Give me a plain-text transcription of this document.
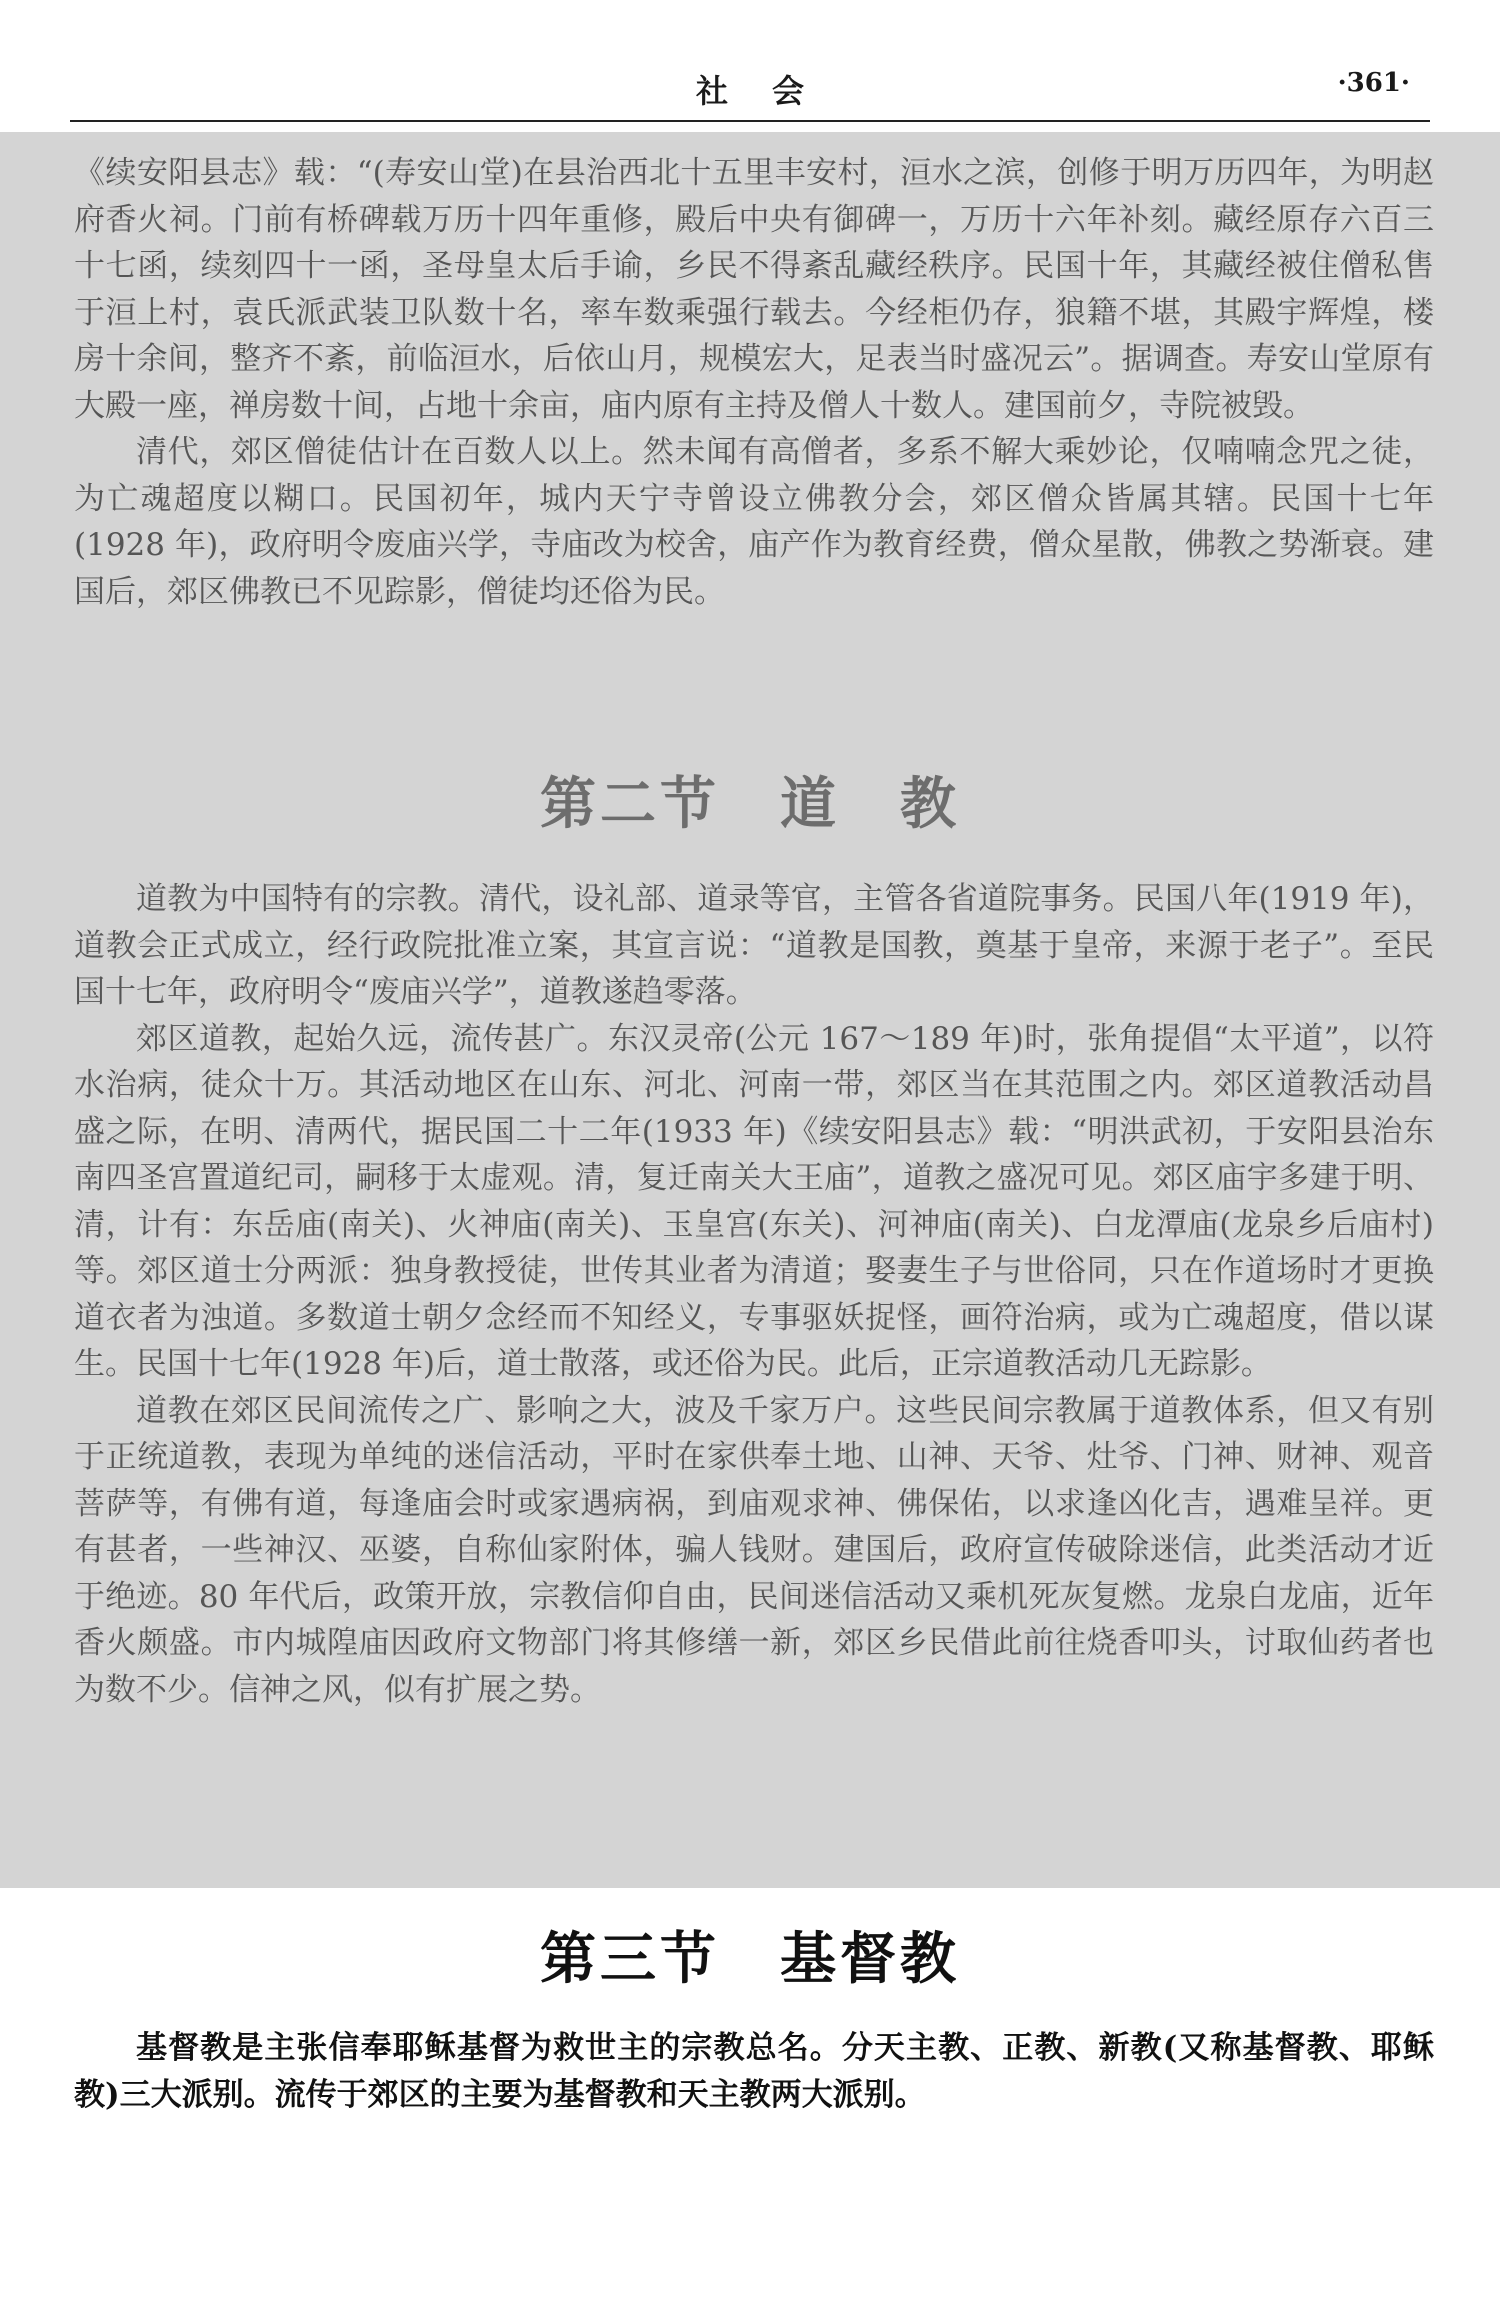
社会	·361·

《续安阳县志》载：“(寿安山堂)在县治西北十五里丰安村，洹水之滨，创修于明万历四年，为明赵府香火祠。门前有桥碑载万历十四年重修，殿后中央有御碑一，万历十六年补刻。藏经原存六百三十七函，续刻四十一函，圣母皇太后手谕，乡民不得紊乱藏经秩序。民国十年，其藏经被住僧私售于洹上村，袁氏派武装卫队数十名，率车数乘强行载去。今经柜仍存，狼籍不堪，其殿宇辉煌，楼房十余间，整齐不紊，前临洹水，后依山月，规模宏大，足表当时盛况云”。据调查。寿安山堂原有大殿一座，禅房数十间，占地十余亩，庙内原有主持及僧人十数人。建国前夕，寺院被毁。

清代，郊区僧徒估计在百数人以上。然未闻有高僧者，多系不解大乘妙论，仅喃喃念咒之徒，为亡魂超度以糊口。民国初年，城内天宁寺曾设立佛教分会，郊区僧众皆属其辖。民国十七年(1928 年)，政府明令废庙兴学，寺庙改为校舍，庙产作为教育经费，僧众星散，佛教之势渐衰。建国后，郊区佛教已不见踪影，僧徒均还俗为民。

第二节　道　教

道教为中国特有的宗教。清代，设礼部、道录等官，主管各省道院事务。民国八年(1919 年)，道教会正式成立，经行政院批准立案，其宣言说：“道教是国教，奠基于皇帝，来源于老子”。至民国十七年，政府明令“废庙兴学”，道教遂趋零落。

郊区道教，起始久远，流传甚广。东汉灵帝(公元 167～189 年)时，张角提倡“太平道”，以符水治病，徒众十万。其活动地区在山东、河北、河南一带，郊区当在其范围之内。郊区道教活动昌盛之际，在明、清两代，据民国二十二年(1933 年)《续安阳县志》载：“明洪武初，于安阳县治东南四圣宫置道纪司，嗣移于太虚观。清，复迁南关大王庙”，道教之盛况可见。郊区庙宇多建于明、清，计有：东岳庙(南关)、火神庙(南关)、玉皇宫(东关)、河神庙(南关)、白龙潭庙(龙泉乡后庙村)等。郊区道士分两派：独身教授徒，世传其业者为清道；娶妻生子与世俗同，只在作道场时才更换道衣者为浊道。多数道士朝夕念经而不知经义，专事驱妖捉怪，画符治病，或为亡魂超度，借以谋生。民国十七年(1928 年)后，道士散落，或还俗为民。此后，正宗道教活动几无踪影。

道教在郊区民间流传之广、影响之大，波及千家万户。这些民间宗教属于道教体系，但又有别于正统道教，表现为单纯的迷信活动，平时在家供奉土地、山神、天爷、灶爷、门神、财神、观音菩萨等，有佛有道，每逢庙会时或家遇病祸，到庙观求神、佛保佑，以求逢凶化吉，遇难呈祥。更有甚者，一些神汉、巫婆，自称仙家附体，骗人钱财。建国后，政府宣传破除迷信，此类活动才近于绝迹。80 年代后，政策开放，宗教信仰自由，民间迷信活动又乘机死灰复燃。龙泉白龙庙，近年香火颇盛。市内城隍庙因政府文物部门将其修缮一新，郊区乡民借此前往烧香叩头，讨取仙药者也为数不少。信神之风，似有扩展之势。

第三节　基督教

基督教是主张信奉耶稣基督为救世主的宗教总名。分天主教、正教、新教(又称基督教、耶稣教)三大派别。流传于郊区的主要为基督教和天主教两大派别。
